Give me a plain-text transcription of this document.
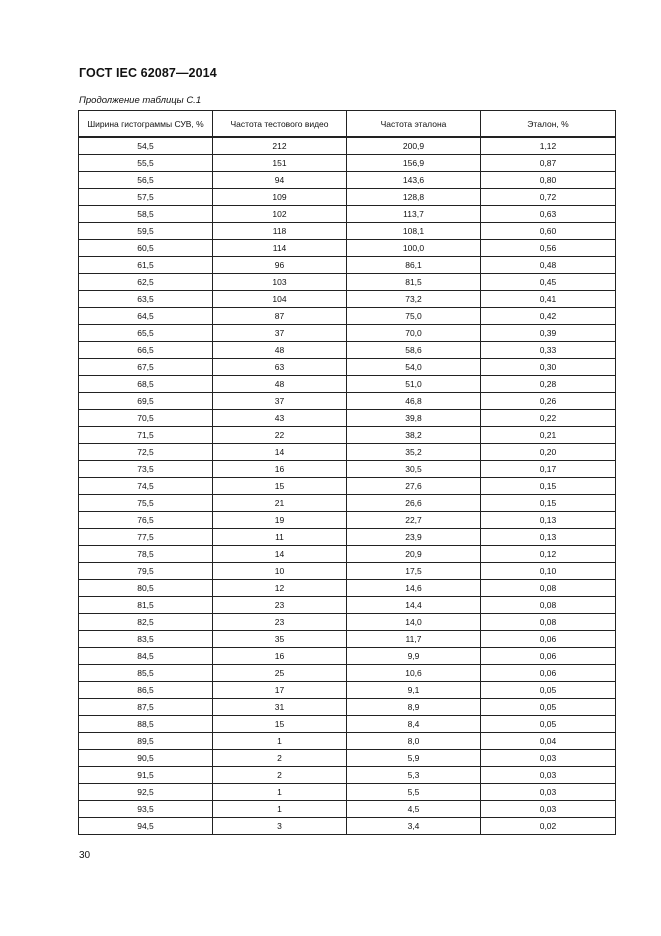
ГОСТ IEC 62087—2014
Продолжение таблицы С.1
Ширина гистограммы СУВ, %	Частота тестового видео	Частота эталона	Эталон, %
54,5	212	200,9	1,12
55,5	151	156,9	0,87
56,5	94	143,6	0,80
57,5	109	128,8	0,72
58,5	102	113,7	0,63
59,5	118	108,1	0,60
60,5	114	100,0	0,56
61,5	96	86,1	0,48
62,5	103	81,5	0,45
63,5	104	73,2	0,41
64,5	87	75,0	0,42
65,5	37	70,0	0,39
66,5	48	58,6	0,33
67,5	63	54,0	0,30
68,5	48	51,0	0,28
69,5	37	46,8	0,26
70,5	43	39,8	0,22
71,5	22	38,2	0,21
72,5	14	35,2	0,20
73,5	16	30,5	0,17
74,5	15	27,6	0,15
75,5	21	26,6	0,15
76,5	19	22,7	0,13
77,5	11	23,9	0,13
78,5	14	20,9	0,12
79,5	10	17,5	0,10
80,5	12	14,6	0,08
81,5	23	14,4	0,08
82,5	23	14,0	0,08
83,5	35	11,7	0,06
84,5	16	9,9	0,06
85,5	25	10,6	0,06
86,5	17	9,1	0,05
87,5	31	8,9	0,05
88,5	15	8,4	0,05
89,5	1	8,0	0,04
90,5	2	5,9	0,03
91,5	2	5,3	0,03
92,5	1	5,5	0,03
93,5	1	4,5	0,03
94,5	3	3,4	0,02
30
